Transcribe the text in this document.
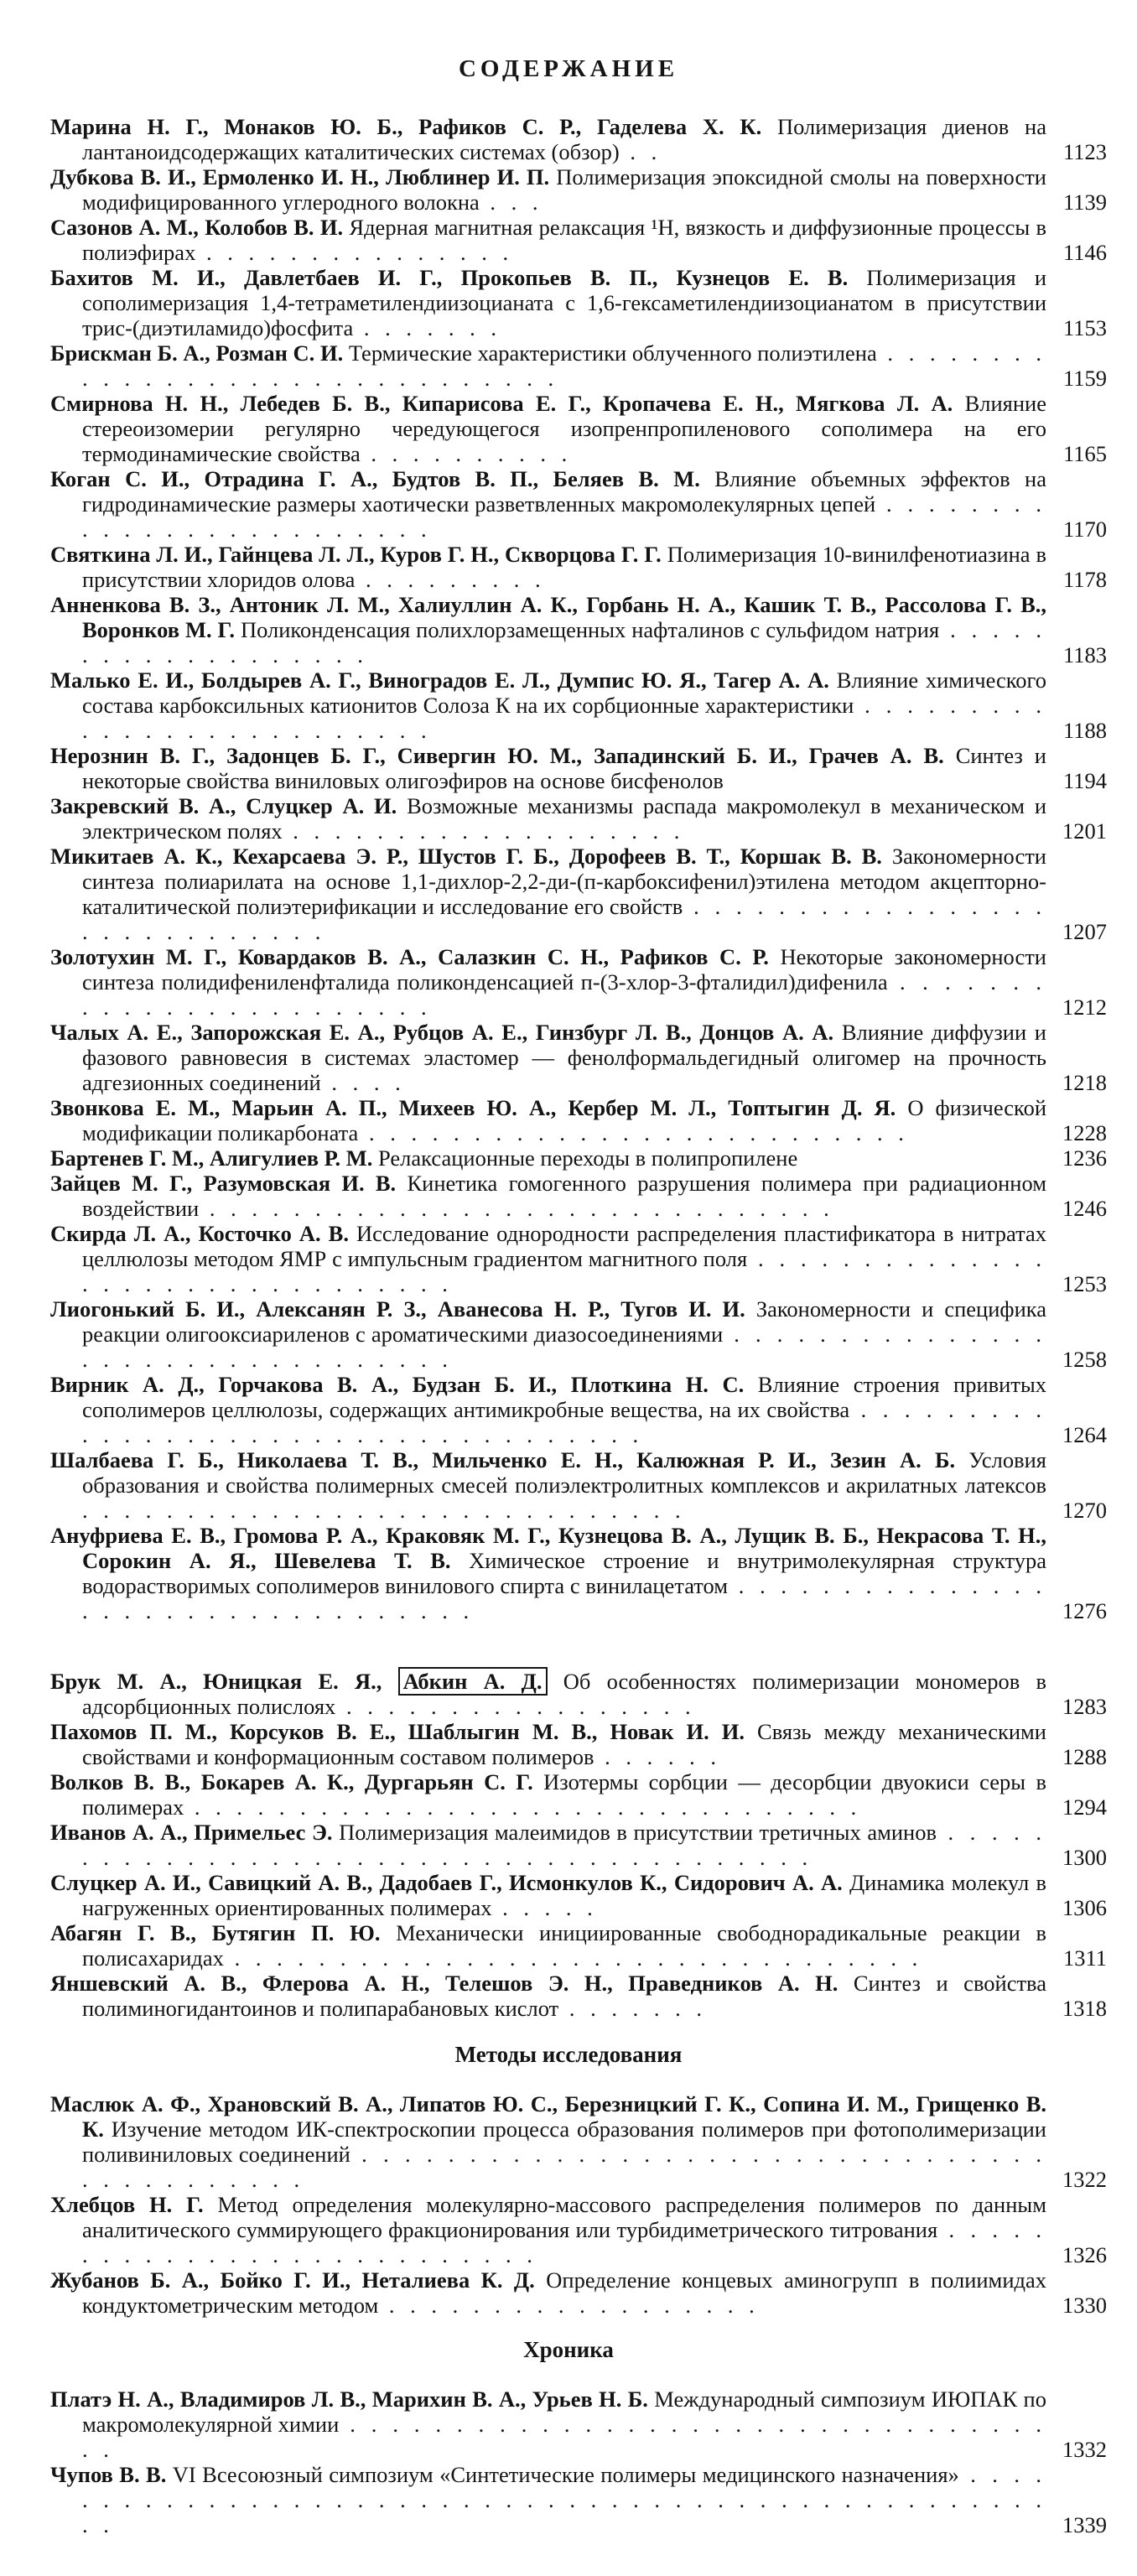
СОДЕРЖАНИЕ
Марина Н. Г., Монаков Ю. Б., Рафиков С. Р., Гаделева Х. К. Полимеризация диенов на лантаноидсодержащих каталитических системах (обзор) . .	1123
Дубкова В. И., Ермоленко И. Н., Люблинер И. П. Полимеризация эпоксидной смолы на поверхности модифицированного углеродного волокна . . .	1139
Сазонов А. М., Колобов В. И. Ядерная магнитная релаксация ¹H, вязкость и диффузионные процессы в полиэфирах . . . . . . . . . . . . . . .	1146
Бахитов М. И., Давлетбаев И. Г., Прокопьев В. П., Кузнецов Е. В. Полимеризация и сополимеризация 1,4-тетраметилендиизоцианата с 1,6-гексаметилендиизоцианатом в присутствии трис-(диэтиламидо)фосфита . . . . . . .	1153
Брискман Б. А., Розман С. И. Термические характеристики облученного полиэтилена . . . . . . . . . . . . . . . . . . . . . . . . . . . . . . .	1159
Смирнова Н. Н., Лебедев Б. В., Кипарисова Е. Г., Кропачева Е. Н., Мягкова Л. А. Влияние стереоизомерии регулярно чередующегося изопренпропиленового сополимера на его термодинамические свойства . . . . . . . . . .	1165
Коган С. И., Отрадина Г. А., Будтов В. П., Беляев В. М. Влияние объемных эффектов на гидродинамические размеры хаотически разветвленных макромолекулярных цепей . . . . . . . . . . . . . . . . . . . . . . . . .	1170
Святкина Л. И., Гайнцева Л. Л., Куров Г. Н., Скворцова Г. Г. Полимеризация 10-винилфенотиазина в присутствии хлоридов олова . . . . . . . . .	1178
Анненкова В. З., Антоник Л. М., Халиуллин А. К., Горбань Н. А., Кашик Т. В., Рассолова Г. В., Воронков М. Г. Поликонденсация полихлорзамещенных нафталинов с сульфидом натрия . . . . . . . . . . . . . . . . . . .	1183
Малько Е. И., Болдырев А. Г., Виноградов Е. Л., Думпис Ю. Я., Тагер А. А. Влияние химического состава карбоксильных катионитов Солоза К на их сорбционные характеристики . . . . . . . . . . . . . . . . . . . . . . . . . .	1188
Нерознин В. Г., Задонцев Б. Г., Сивергин Ю. М., Западинский Б. И., Грачев А. В. Синтез и некоторые свойства виниловых олигоэфиров на основе бисфенолов	1194
Закревский В. А., Слуцкер А. И. Возможные механизмы распада макромолекул в механическом и электрическом полях . . . . . . . . . . . . . . . . . . .	1201
Микитаев А. К., Кехарсаева Э. Р., Шустов Г. Б., Дорофеев В. Т., Коршак В. В. Закономерности синтеза полиарилата на основе 1,1-дихлор-2,2-ди-(п-карбоксифенил)этилена методом акцепторно-каталитической полиэтерификации и исследование его свойств . . . . . . . . . . . . . . . . . . . . . . . . . . . . .	1207
Золотухин М. Г., Ковардаков В. А., Салазкин С. Н., Рафиков С. Р. Некоторые закономерности синтеза полидифениленфталида поликонденсацией п-(3-хлор-3-фталидил)дифенила . . . . . . . . . . . . . . . . . . . . . . . .	1212
Чалых А. Е., Запорожская Е. А., Рубцов А. Е., Гинзбург Л. В., Донцов А. А. Влияние диффузии и фазового равновесия в системах эластомер — фенолформальдегидный олигомер на прочность адгезионных соединений . . . .	1218
Звонкова Е. М., Марьин А. П., Михеев Ю. А., Кербер М. Л., Топтыгин Д. Я. О физической модификации поликарбоната . . . . . . . . . . . . . . . . . . . . . . . . . .	1228
Бартенев Г. М., Алигулиев Р. М. Релаксационные переходы в полипропилене	1236
Зайцев М. Г., Разумовская И. В. Кинетика гомогенного разрушения полимера при радиационном воздействии . . . . . . . . . . . . . . . . . . . . . . . . . . . . . .	1246
Скирда Л. А., Косточко А. В. Исследование однородности распределения пластификатора в нитратах целлюлозы методом ЯМР с импульсным градиентом магнитного поля . . . . . . . . . . . . . . . . . . . . . . . . . . . . . . . .	1253
Лиогонький Б. И., Алексанян Р. З., Аванесова Н. Р., Тугов И. И. Закономерности и специфика реакции олигооксиариленов с ароматическими диазосоединениями . . . . . . . . . . . . . . . . . . . . . . . . . . . . . . . . .	1258
Вирник А. Д., Горчакова В. А., Будзан Б. И., Плоткина Н. С. Влияние строения привитых сополимеров целлюлозы, содержащих антимикробные вещества, на их свойства . . . . . . . . . . . . . . . . . . . . . . . . . . . . . . . . . . . .	1264
Шалбаева Г. Б., Николаева Т. В., Мильченко Е. Н., Калюжная Р. И., Зезин А. Б. Условия образования и свойства полимерных смесей полиэлектролитных комплексов и акрилатных латексов . . . . . . . . . . . . . . . . . . . . . . . . . . . . .	1270
Ануфриева Е. В., Громова Р. А., Краковяк М. Г., Кузнецова В. А., Лущик В. Б., Некрасова Т. Н., Сорокин А. Я., Шевелева Т. В. Химическое строение и внутримолекулярная структура водорастворимых сополимеров винилового спирта с винилацетатом . . . . . . . . . . . . . . . . . . . . . . . . . . . . . . . . . .	1276
Брук М. А., Юницкая Е. Я., Абкин А. Д. Об особенностях полимеризации мономеров в адсорбционных полислоях . . . . . . . . . . . . . . . . .	1283
Пахомов П. М., Корсуков В. Е., Шаблыгин М. В., Новак И. И. Связь между механическими свойствами и конформационным составом полимеров . . . . . .	1288
Волков В. В., Бокарев А. К., Дургарьян С. Г. Изотермы сорбции — десорбции двуокиси серы в полимерах . . . . . . . . . . . . . . . . . . . . . . . . . . . . . . . .	1294
Иванов А. А., Примельес Э. Полимеризация малеимидов в присутствии третичных аминов . . . . . . . . . . . . . . . . . . . . . . . . . . . . . . . . . . . . . . . .	1300
Слуцкер А. И., Савицкий А. В., Дадобаев Г., Исмонкулов К., Сидорович А. А. Динамика молекул в нагруженных ориентированных полимерах . . . . .	1306
Абагян Г. В., Бутягин П. Ю. Механически инициированные свободнорадикальные реакции в полисахаридах . . . . . . . . . . . . . . . . . . . . . . . . . . . . . . . . .	1311
Яншевский А. В., Флерова А. Н., Телешов Э. Н., Праведников А. Н. Синтез и свойства полиминогидантоинов и полипарабановых кислот . . . . . . .	1318
Методы исследования
Маслюк А. Ф., Храновский В. А., Липатов Ю. С., Березницкий Г. К., Сопина И. М., Грищенко В. К. Изучение методом ИК-спектроскопии процесса образования полимеров при фотополимеризации поливиниловых соединений . . . . . . . . . . . . . . . . . . . . . . . . . . . . . . . . . . . . . . . . . . .	1322
Хлебцов Н. Г. Метод определения молекулярно-массового распределения полимеров по данным аналитического суммирующего фракционирования или турбидиметрического титрования . . . . . . . . . . . . . . . . . . . . . . . . . . .	1326
Жубанов Б. А., Бойко Г. И., Неталиева К. Д. Определение концевых аминогрупп в полиимидах кондуктометрическим методом . . . . . . . . . . . . . . . . . .	1330
Хроника
Платэ Н. А., Владимиров Л. В., Марихин В. А., Урьев Н. Б. Международный симпозиум ИЮПАК по макромолекулярной химии . . . . . . . . . . . . . . . . . . . . . . . . . . . . . . . . . . .	1332
Чупов В. В. VI Всесоюзный симпозиум «Синтетические полимеры медицинского назначения» . . . . . . . . . . . . . . . . . . . . . . . . . . . . . . . . . . . . . . . . . . . . . . . . . . . .	1339
